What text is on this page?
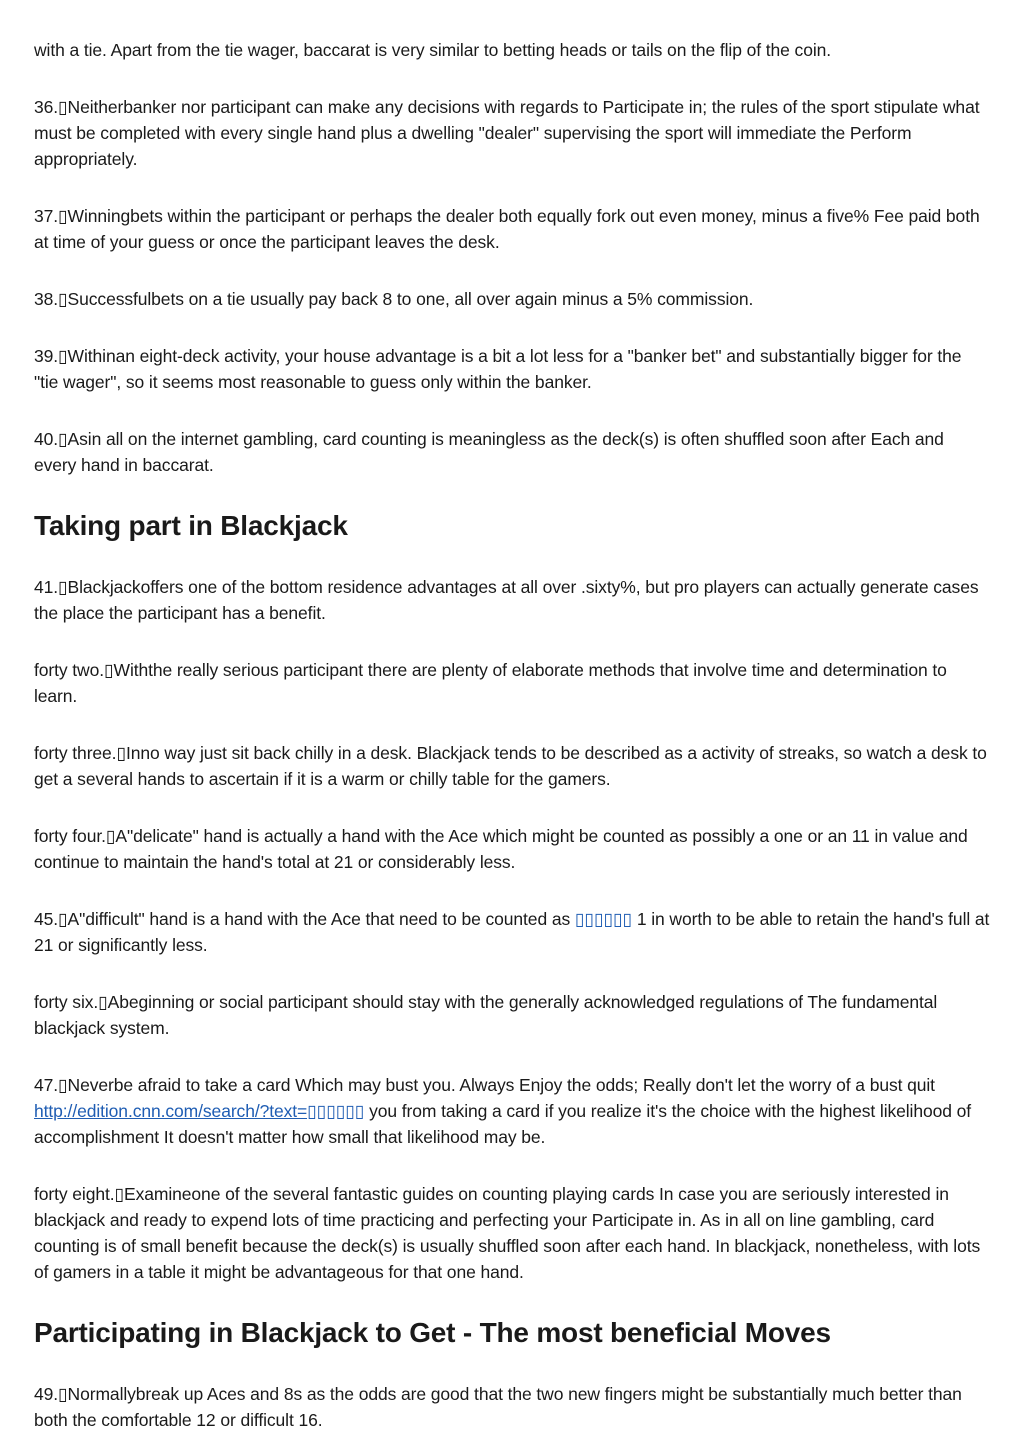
with a tie. Apart from the tie wager, baccarat is very similar to betting heads or tails on the flip of the coin.

36.▯Neitherbanker nor participant can make any decisions with regards to Participate in; the rules of the sport stipulate what must be completed with every single hand plus a dwelling "dealer" supervising the sport will immediate the Perform appropriately.

37.▯Winningbets within the participant or perhaps the dealer both equally fork out even money, minus a five% Fee paid both at time of your guess or once the participant leaves the desk.

38.▯Successfulbets on a tie usually pay back 8 to one, all over again minus a 5% commission.

39.▯Withinan eight-deck activity, your house advantage is a bit a lot less for a "banker bet" and substantially bigger for the "tie wager", so it seems most reasonable to guess only within the banker.

40.▯Asin all on the internet gambling, card counting is meaningless as the deck(s) is often shuffled soon after Each and every hand in baccarat.

Taking part in Blackjack

41.▯Blackjackoffers one of the bottom residence advantages at all over .sixty%, but pro players can actually generate cases the place the participant has a benefit.

forty two.▯Withthe really serious participant there are plenty of elaborate methods that involve time and determination to learn.

forty three.▯Inno way just sit back chilly in a desk. Blackjack tends to be described as a activity of streaks, so watch a desk to get a several hands to ascertain if it is a warm or chilly table for the gamers.

forty four.▯A"delicate" hand is actually a hand with the Ace which might be counted as possibly a one or an 11 in value and continue to maintain the hand's total at 21 or considerably less.

45.▯A"difficult" hand is a hand with the Ace that need to be counted as ▯▯▯▯▯▯ 1 in worth to be able to retain the hand's full at 21 or significantly less.

forty six.▯Abeginning or social participant should stay with the generally acknowledged regulations of The fundamental blackjack system.

47.▯Neverbe afraid to take a card Which may bust you. Always Enjoy the odds; Really don't let the worry of a bust quit http://edition.cnn.com/search/?text=▯▯▯▯▯▯ you from taking a card if you realize it's the choice with the highest likelihood of accomplishment It doesn't matter how small that likelihood may be.

forty eight.▯Examineone of the several fantastic guides on counting playing cards In case you are seriously interested in blackjack and ready to expend lots of time practicing and perfecting your Participate in. As in all on line gambling, card counting is of small benefit because the deck(s) is usually shuffled soon after each hand. In blackjack, nonetheless, with lots of gamers in a table it might be advantageous for that one hand.

Participating in Blackjack to Get - The most beneficial Moves

49.▯Normallybreak up Aces and 8s as the odds are good that the two new fingers might be substantially much better than both the comfortable 12 or difficult 16.
